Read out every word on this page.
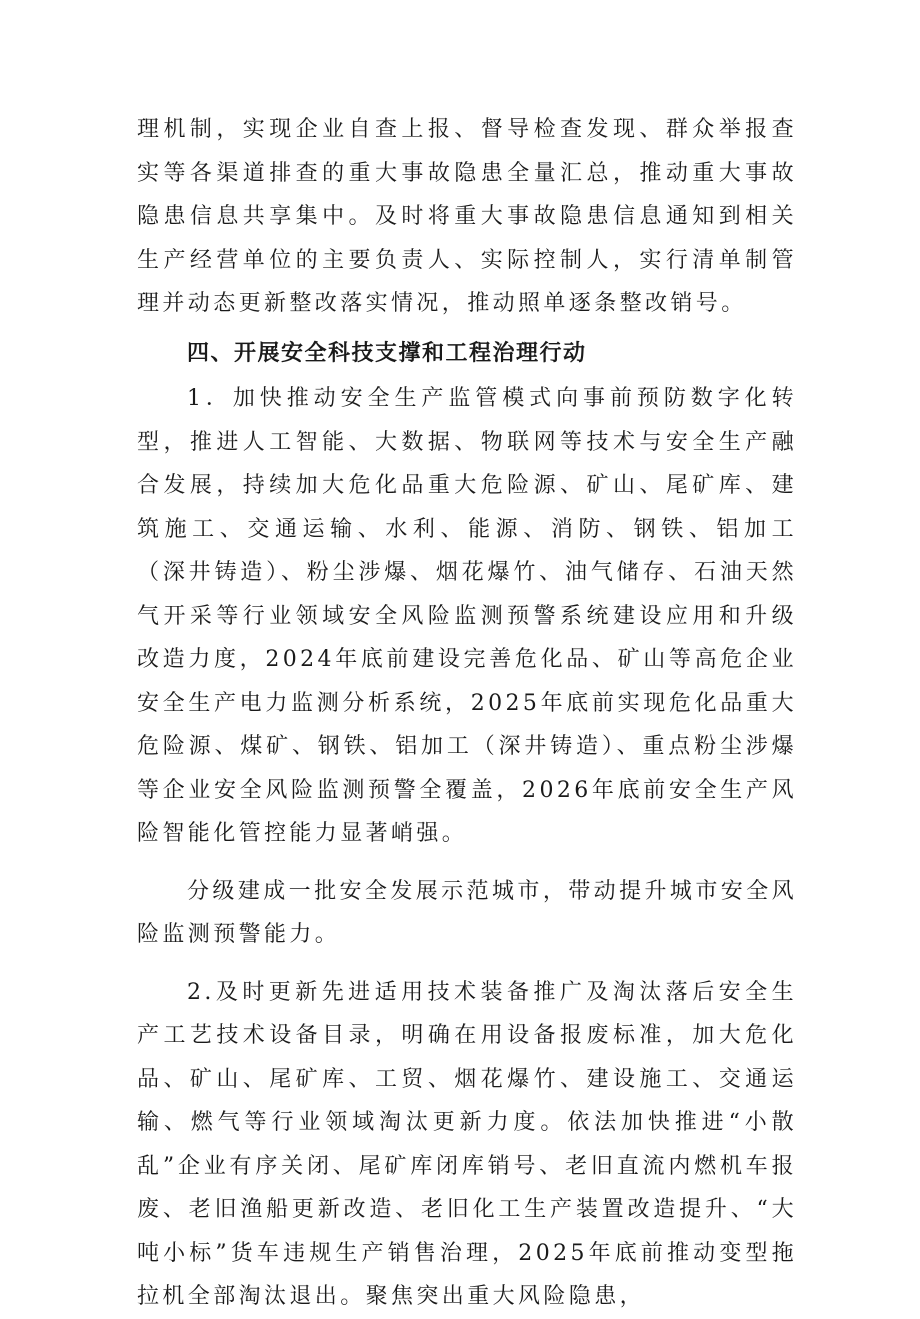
理机制，实现企业自查上报、督导检查发现、群众举报查实等各渠道排查的重大事故隐患全量汇总，推动重大事故隐患信息共享集中。及时将重大事故隐患信息通知到相关生产经营单位的主要负责人、实际控制人，实行清单制管理并动态更新整改落实情况，推动照单逐条整改销号。

四、开展安全科技支撑和工程治理行动

1．加快推动安全生产监管模式向事前预防数字化转型，推进人工智能、大数据、物联网等技术与安全生产融合发展，持续加大危化品重大危险源、矿山、尾矿库、建筑施工、交通运输、水利、能源、消防、钢铁、铝加工（深井铸造）、粉尘涉爆、烟花爆竹、油气储存、石油天然气开采等行业领域安全风险监测预警系统建设应用和升级改造力度，2024年底前建设完善危化品、矿山等高危企业安全生产电力监测分析系统，2025年底前实现危化品重大危险源、煤矿、钢铁、铝加工（深井铸造）、重点粉尘涉爆等企业安全风险监测预警全覆盖，2026年底前安全生产风险智能化管控能力显著峭强。

分级建成一批安全发展示范城市，带动提升城市安全风险监测预警能力。

2.及时更新先进适用技术装备推广及淘汰落后安全生产工艺技术设备目录，明确在用设备报废标准，加大危化品、矿山、尾矿库、工贸、烟花爆竹、建设施工、交通运输、燃气等行业领域淘汰更新力度。依法加快推进“小散乱”企业有序关闭、尾矿库闭库销号、老旧直流内燃机车报废、老旧渔船更新改造、老旧化工生产装置改造提升、“大吨小标”货车违规生产销售治理，2025年底前推动变型拖拉机全部淘汰退出。聚焦突出重大风险隐患，
